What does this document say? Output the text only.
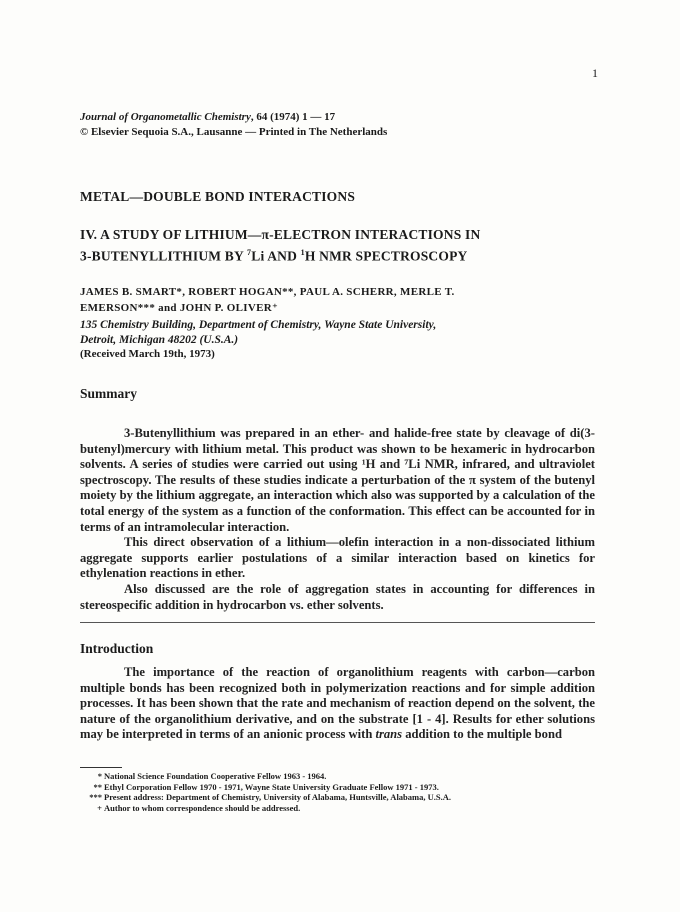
1
Journal of Organometallic Chemistry, 64 (1974) 1 — 17
© Elsevier Sequoia S.A., Lausanne — Printed in The Netherlands
METAL—DOUBLE BOND INTERACTIONS
IV. A STUDY OF LITHIUM—π-ELECTRON INTERACTIONS IN
3-BUTENYLLITHIUM BY $^7$Li AND $^1$H NMR SPECTROSCOPY
JAMES B. SMART*, ROBERT HOGAN**, PAUL A. SCHERR, MERLE T.
EMERSON*** and JOHN P. OLIVER⁺
135 Chemistry Building, Department of Chemistry, Wayne State University,
Detroit, Michigan 48202 (U.S.A.)
(Received March 19th, 1973)
Summary

3-Butenyllithium was prepared in an ether- and halide-free state by cleavage of di(3-butenyl)mercury with lithium metal. This product was shown to be hexameric in hydrocarbon solvents. A series of studies were carried out using ¹H and ⁷Li NMR, infrared, and ultraviolet spectroscopy. The results of these studies indicate a perturbation of the π system of the butenyl moiety by the lithium aggregate, an interaction which also was supported by a calculation of the total energy of the system as a function of the conformation. This effect can be accounted for in terms of an intramolecular interaction.

This direct observation of a lithium—olefin interaction in a non-dissociated lithium aggregate supports earlier postulations of a similar interaction based on kinetics for ethylenation reactions in ether.

Also discussed are the role of aggregation states in accounting for differences in stereospecific addition in hydrocarbon vs. ether solvents.

Introduction

The importance of the reaction of organolithium reagents with carbon—carbon multiple bonds has been recognized both in polymerization reactions and for simple addition processes. It has been shown that the rate and mechanism of reaction depend on the solvent, the nature of the organolithium derivative, and on the substrate [1 - 4]. Results for ether solutions may be interpreted in terms of an anionic process with trans addition to the multiple bond

* National Science Foundation Cooperative Fellow 1963 - 1964.
** Ethyl Corporation Fellow 1970 - 1971, Wayne State University Graduate Fellow 1971 - 1973.
*** Present address: Department of Chemistry, University of Alabama, Huntsville, Alabama, U.S.A.
+ Author to whom correspondence should be addressed.
